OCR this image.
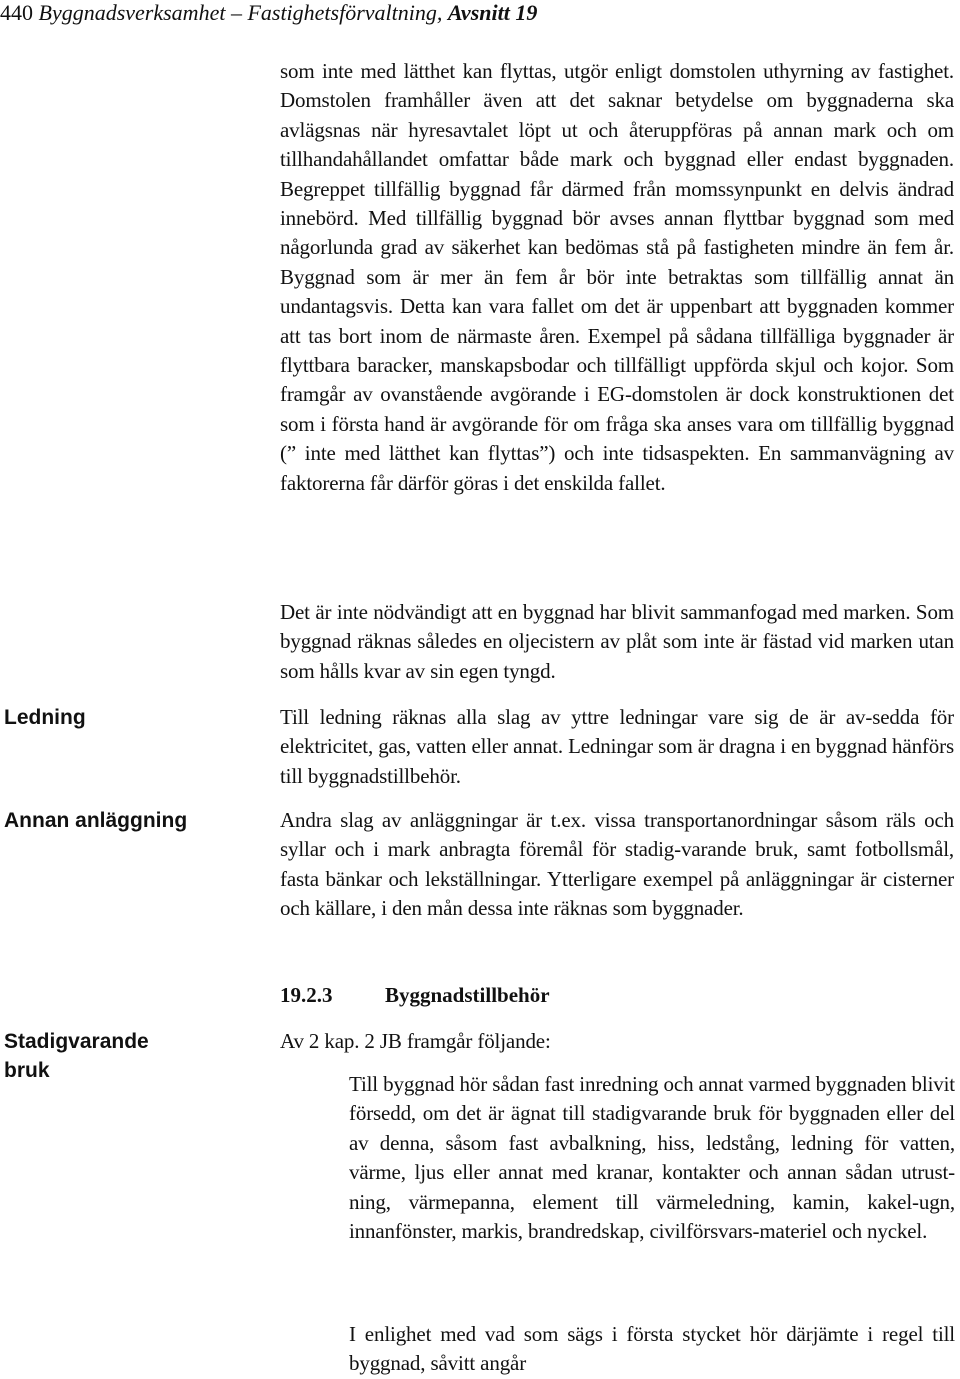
440 Byggnadsverksamhet – Fastighetsförvaltning, Avsnitt 19

som inte med lätthet kan flyttas, utgör enligt domstolen uthyrning av fastighet. Domstolen framhåller även att det saknar betydelse om byggnaderna ska avlägsnas när hyresavtalet löpt ut och återuppföras på annan mark och om tillhandahållandet omfattar både mark och byggnad eller endast byggnaden. Begreppet tillfällig byggnad får därmed från momssynpunkt en delvis ändrad innebörd. Med tillfällig byggnad bör avses annan flyttbar byggnad som med någorlunda grad av säkerhet kan bedömas stå på fastigheten mindre än fem år. Byggnad som är mer än fem år bör inte betraktas som tillfällig annat än undantagsvis. Detta kan vara fallet om det är uppenbart att byggnaden kommer att tas bort inom de närmaste åren. Exempel på sådana tillfälliga byggnader är flyttbara baracker, manskapsbodar och tillfälligt uppförda skjul och kojor. Som framgår av ovanstående avgörande i EG-domstolen är dock konstruktionen det som i första hand är avgörande för om fråga ska anses vara om tillfällig byggnad (” inte med lätthet kan flyttas”) och inte tidsaspekten. En sammanvägning av faktorerna får därför göras i det enskilda fallet.

Det är inte nödvändigt att en byggnad har blivit sammanfogad med marken. Som byggnad räknas således en oljecistern av plåt som inte är fästad vid marken utan som hålls kvar av sin egen tyngd.

Ledning	Till ledning räknas alla slag av yttre ledningar vare sig de är av-sedda för elektricitet, gas, vatten eller annat. Ledningar som är dragna i en byggnad hänförs till byggnadstillbehör.

Annan anläggning	Andra slag av anläggningar är t.ex. vissa transportanordningar såsom räls och syllar och i mark anbragta föremål för stadig-varande bruk, samt fotbollsmål, fasta bänkar och lekställningar. Ytterligare exempel på anläggningar är cisterner och källare, i den mån dessa inte räknas som byggnader.

19.2.3	Byggnadstillbehör
Stadigvarande bruk

Av 2 kap. 2 JB framgår följande:

Till byggnad hör sådan fast inredning och annat varmed byggnaden blivit försedd, om det är ägnat till stadigvarande bruk för byggnaden eller del av denna, såsom fast avbalkning, hiss, ledstång, ledning för vatten, värme, ljus eller annat med kranar, kontakter och annan sådan utrust-ning, värmepanna, element till värmeledning, kamin, kakel-ugn, innanfönster, markis, brandredskap, civilförsvars-materiel och nyckel.

I enlighet med vad som sägs i första stycket hör därjämte i regel till byggnad, såvitt angår
